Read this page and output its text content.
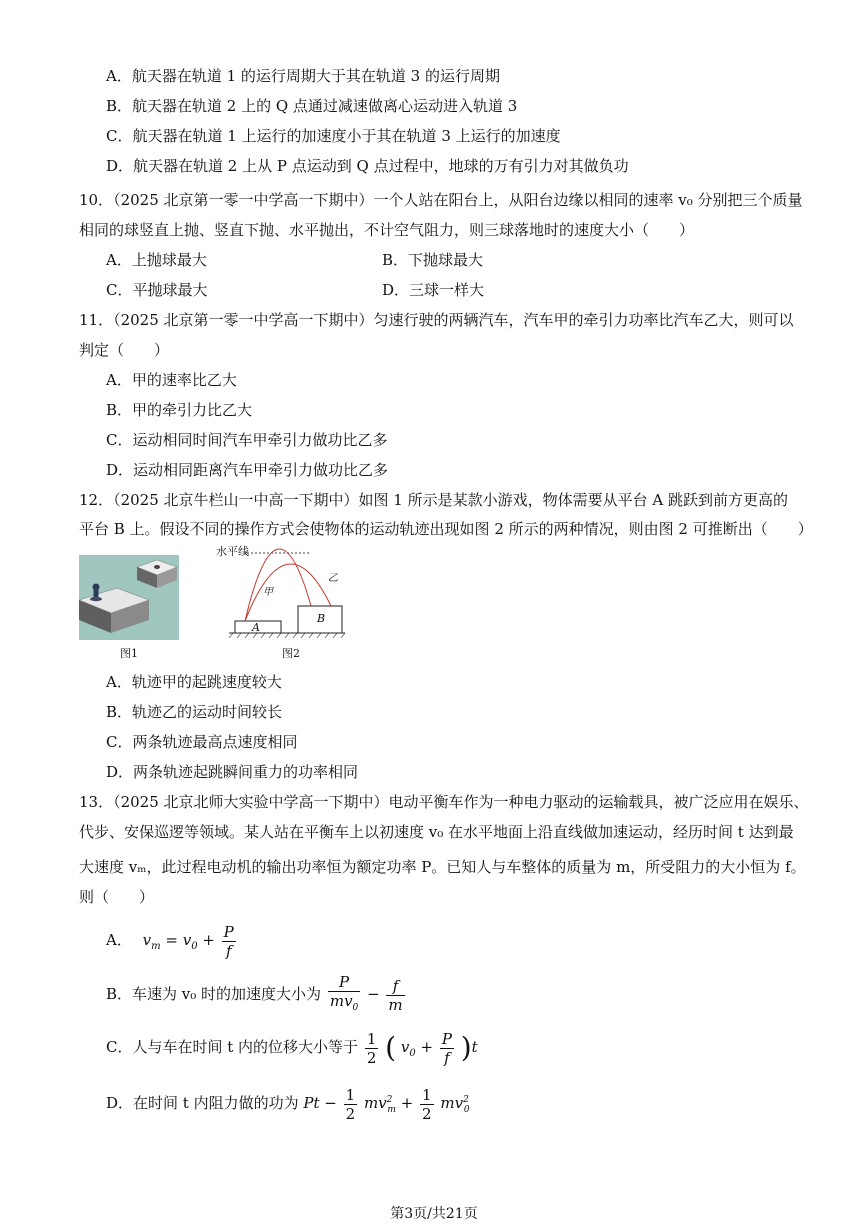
A．航天器在轨道 1 的运行周期大于其在轨道 3 的运行周期
B．航天器在轨道 2 上的 Q 点通过减速做离心运动进入轨道 3
C．航天器在轨道 1 上运行的加速度小于其在轨道 3 上运行的加速度
D．航天器在轨道 2 上从 P 点运动到 Q 点过程中，地球的万有引力对其做负功
10．（2025 北京第一零一中学高一下期中）一个人站在阳台上，从阳台边缘以相同的速率 v₀ 分别把三个质量
相同的球竖直上抛、竖直下抛、水平抛出，不计空气阻力，则三球落地时的速度大小（　　）
A．上抛球最大	B．下抛球最大
C．平抛球最大	D．三球一样大
11．（2025 北京第一零一中学高一下期中）匀速行驶的两辆汽车，汽车甲的牵引力功率比汽车乙大，则可以
判定（　　）
A．甲的速率比乙大
B．甲的牵引力比乙大
C．运动相同时间汽车甲牵引力做功比乙多
D．运动相同距离汽车甲牵引力做功比乙多
12．（2025 北京牛栏山一中高一下期中）如图 1 所示是某款小游戏，物体需要从平台 A 跳跃到前方更高的
平台 B 上。假设不同的操作方式会使物体的运动轨迹出现如图 2 所示的两种情况，则由图 2 可推断出（　　）
图1
水平线
甲
乙
A
B
图2
A．轨迹甲的起跳速度较大
B．轨迹乙的运动时间较长
C．两条轨迹最高点速度相同
D．两条轨迹起跳瞬间重力的功率相同
13．（2025 北京北师大实验中学高一下期中）电动平衡车作为一种电力驱动的运输载具，被广泛应用在娱乐、
代步、安保巡逻等领域。某人站在平衡车上以初速度 v₀ 在水平地面上沿直线做加速运动，经历时间 t 达到最
大速度 vₘ，此过程电动机的输出功率恒为额定功率 P。已知人与车整体的质量为 m，所受阻力的大小恒为 f。
则（　　）
A． $v_m = v_0 + \frac{P}{f}$
B．车速为 v₀ 时的加速度大小为 $\frac{P}{mv_0} - \frac{f}{m}$
C．人与车在时间 t 内的位移大小等于 $\frac{1}{2}$ ( $v_0 + \frac{P}{f} )t$
D．在时间 t 内阻力做的功为 $Pt - \frac{1}{2} mv^2_m + \frac{1}{2} mv^2_0$
第3页/共21页
